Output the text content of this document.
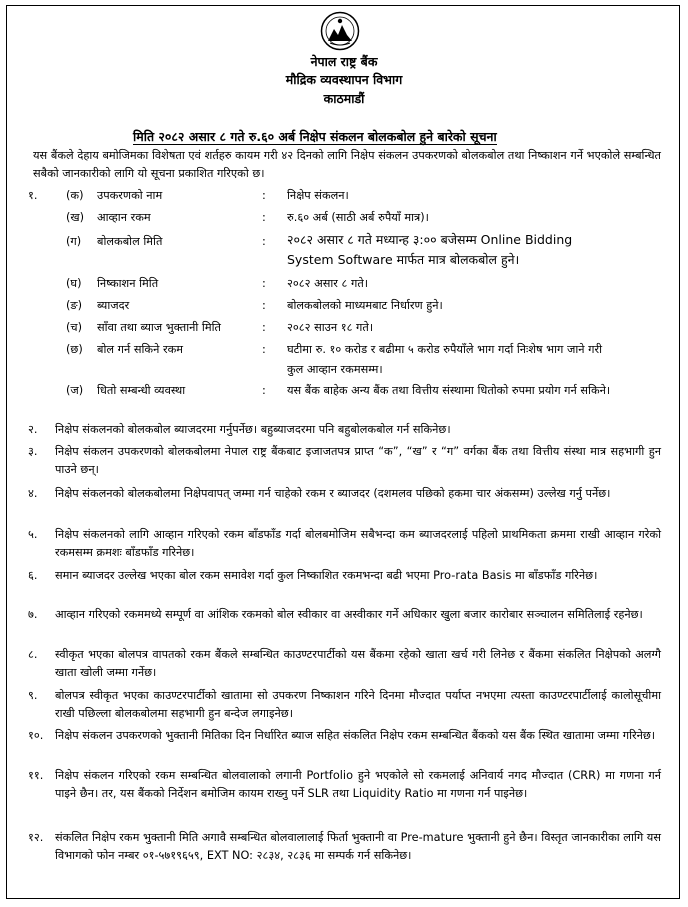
नेपाल राष्ट्र बैंक
मौद्रिक व्यवस्थापन विभाग
काठमाडौं
मिति २०८२ असार ८ गते रु.६० अर्ब निक्षेप संकलन बोलकबोल हुने बारेको सूचना
यस बैंकले देहाय बमोजिमका विशेषता एवं शर्तहरु कायम गरी ४२ दिनको लागि निक्षेप संकलन उपकरणको बोलकबोल तथा निष्काशन गर्ने भएकोले सम्बन्धित सबैको जानकारीको लागि यो सूचना प्रकाशित गरिएको छ।
१.	(क) उपकरणको नाम	: निक्षेप संकलन।
(ख) आव्हान रकम	: रु.६० अर्ब (साठी अर्ब रुपैयाँ मात्र)।
(ग) बोलकबोल मिति	: २०८२ असार ८ गते मध्यान्ह ३:०० बजेसम्म Online Bidding System Software मार्फत मात्र बोलकबोल हुने।
(घ) निष्काशन मिति	: २०८२ असार ८ गते।
(ङ) ब्याजदर	: बोलकबोलको माध्यमबाट निर्धारण हुने।
(च) साँवा तथा ब्याज भुक्तानी मिति	: २०८२ साउन १८ गते।
(छ) बोल गर्न सकिने रकम	: घटीमा रु. १० करोड र बढीमा ५ करोड रुपैयाँले भाग गर्दा निःशेष भाग जाने गरी कुल आव्हान रकमसम्म।
(ज) धितो सम्बन्धी व्यवस्था	: यस बैंक बाहेक अन्य बैंक तथा वित्तीय संस्थामा धितोको रुपमा प्रयोग गर्न सकिने।
२. निक्षेप संकलनको बोलकबोल ब्याजदरमा गर्नुपर्नेछ। बहुब्याजदरमा पनि बहुबोलकबोल गर्न सकिनेछ।
३. निक्षेप संकलन उपकरणको बोलकबोलमा नेपाल राष्ट्र बैंकबाट इजाजतपत्र प्राप्त “क”, “ख” र “ग” वर्गका बैंक तथा वित्तीय संस्था मात्र सहभागी हुन पाउने छन्।
४. निक्षेप संकलनको बोलकबोलमा निक्षेपवापत् जम्मा गर्न चाहेको रकम र ब्याजदर (दशमलव पछिको हकमा चार अंकसम्म) उल्लेख गर्नु पर्नेछ।
५. निक्षेप संकलनको लागि आव्हान गरिएको रकम बाँडफाँड गर्दा बोलबमोजिम सबैभन्दा कम ब्याजदरलाई पहिलो प्राथमिकता क्रममा राखी आव्हान गरेको रकमसम्म क्रमशः बाँडफाँड गरिनेछ।
६. समान ब्याजदर उल्लेख भएका बोल रकम समावेश गर्दा कुल निष्काशित रकमभन्दा बढी भएमा Pro-rata Basis मा बाँडफाँड गरिनेछ।
७. आव्हान गरिएको रकममध्ये सम्पूर्ण वा आंशिक रकमको बोल स्वीकार वा अस्वीकार गर्ने अधिकार खुला बजार कारोबार सञ्चालन समितिलाई रहनेछ।
८. स्वीकृत भएका बोलपत्र वापतको रकम बैंकले सम्बन्धित काउण्टरपार्टीको यस बैंकमा रहेको खाता खर्च गरी लिनेछ र बैंकमा संकलित निक्षेपको अलग्गै खाता खोली जम्मा गर्नेछ।
९. बोलपत्र स्वीकृत भएका काउण्टरपार्टीको खातामा सो उपकरण निष्काशन गरिने दिनमा मौज्दात पर्याप्त नभएमा त्यस्ता काउण्टरपार्टीलाई कालोसूचीमा राखी पछिल्ला बोलकबोलमा सहभागी हुन बन्देज लगाइनेछ।
१०. निक्षेप संकलन उपकरणको भुक्तानी मितिका दिन निर्धारित ब्याज सहित संकलित निक्षेप रकम सम्बन्धित बैंकको यस बैंक स्थित खातामा जम्मा गरिनेछ।
११. निक्षेप संकलन गरिएको रकम सम्बन्धित बोलवालाको लगानी Portfolio हुने भएकोले सो रकमलाई अनिवार्य नगद मौज्दात (CRR) मा गणना गर्न पाइने छैन। तर, यस बैंकको निर्देशन बमोजिम कायम राख्नु पर्ने SLR तथा Liquidity Ratio मा गणना गर्न पाइनेछ।
१२. संकलित निक्षेप रकम भुक्तानी मिति अगावै सम्बन्धित बोलवालालाई फिर्ता भुक्तानी वा Pre-mature भुक्तानी हुने छैन। विस्तृत जानकारीका लागि यस विभागको फोन नम्बर ०१-५७१९६५९, EXT NO: २८३४, २८३६ मा सम्पर्क गर्न सकिनेछ।
